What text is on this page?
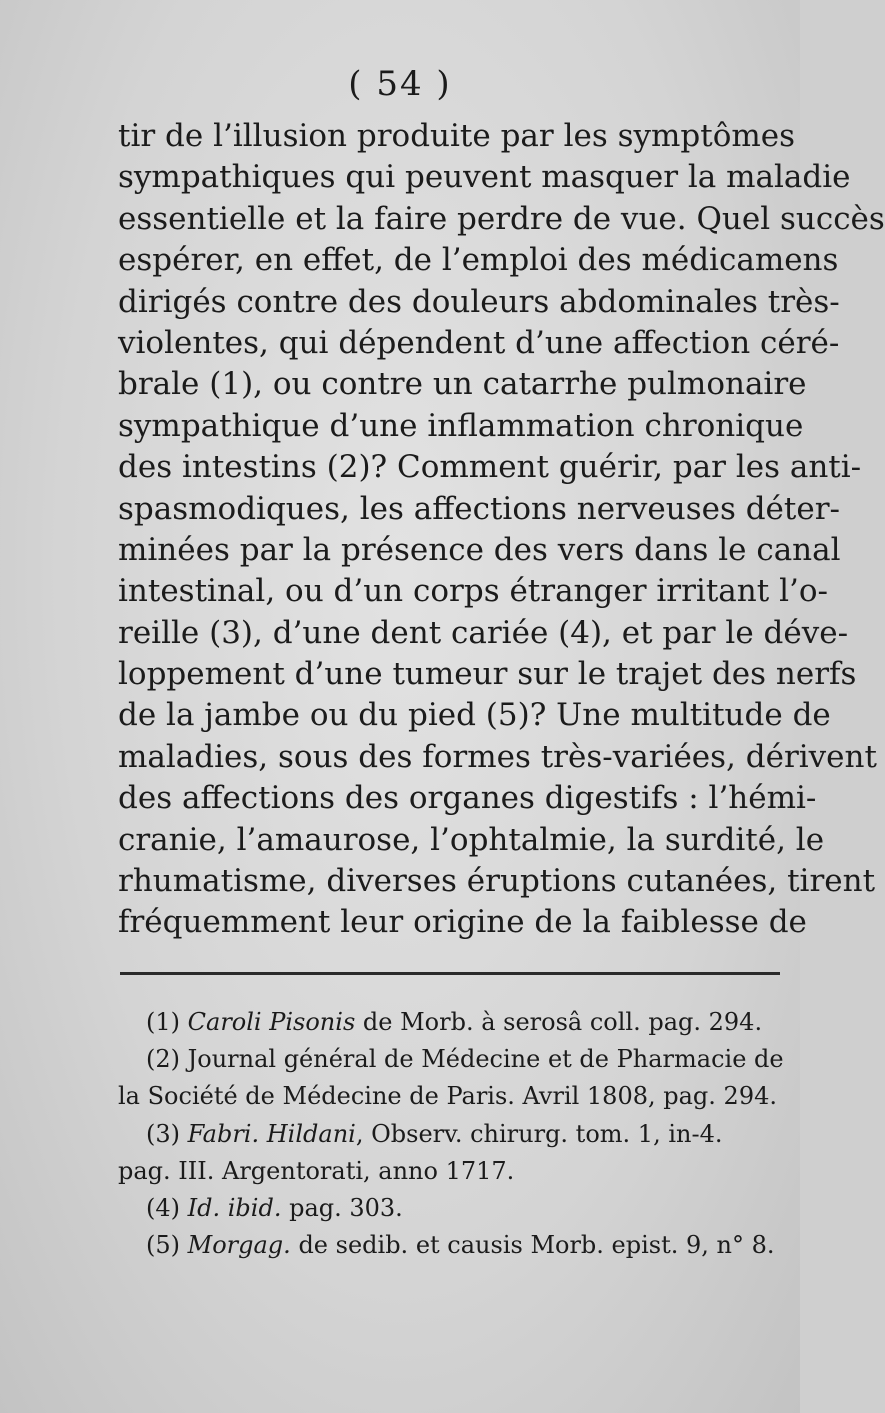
( 54 )
tir de l’illusion produite par les symptômes
sympathiques qui peuvent masquer la maladie
essentielle et la faire perdre de vue. Quel succès
espérer, en effet, de l’emploi des médicamens
dirigés contre des douleurs abdominales très-
violentes, qui dépendent d’une affection céré-
brale (1), ou contre un catarrhe pulmonaire
sympathique d’une inflammation chronique
des intestins (2)? Comment guérir, par les anti-
spasmodiques, les affections nerveuses déter-
minées par la présence des vers dans le canal
intestinal, ou d’un corps étranger irritant l’o-
reille (3), d’une dent cariée (4), et par le déve-
loppement d’une tumeur sur le trajet des nerfs
de la jambe ou du pied (5)? Une multitude de
maladies, sous des formes très-variées, dérivent
des affections des organes digestifs : l’hémi-
cranie, l’amaurose, l’ophtalmie, la surdité, le
rhumatisme, diverses éruptions cutanées, tirent
fréquemment leur origine de la faiblesse de
(1) Caroli Pisonis de Morb. à serosâ coll. pag. 294.
(2) Journal général de Médecine et de Pharmacie de
la Société de Médecine de Paris. Avril 1808, pag. 294.
(3) Fabri. Hildani, Observ. chirurg. tom. 1, in-4.
pag. III. Argentorati, anno 1717.
(4) Id. ibid. pag. 303.
(5) Morgag. de sedib. et causis Morb. epist. 9, n° 8.
